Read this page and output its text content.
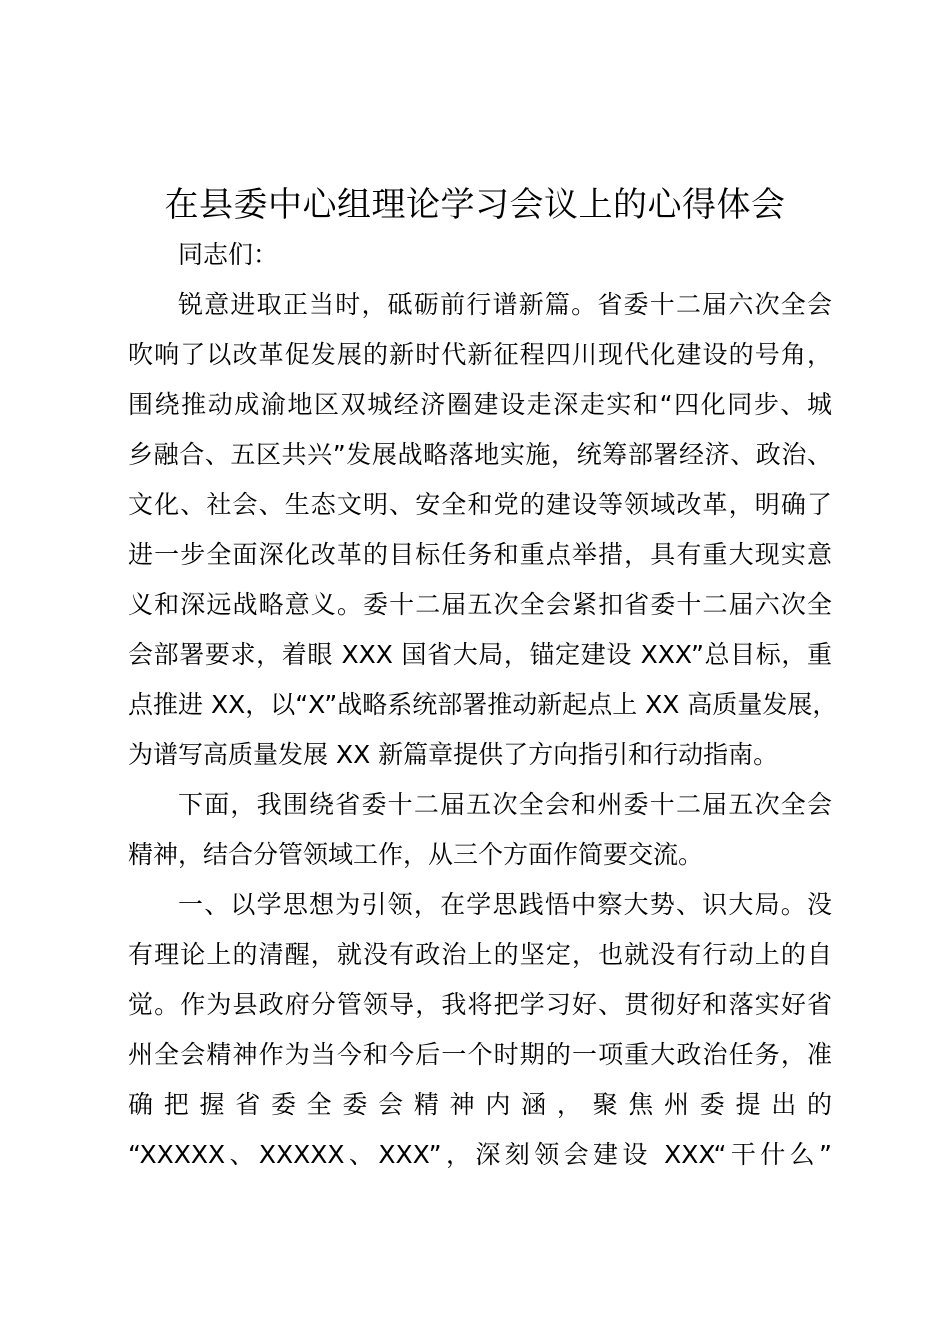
在县委中心组理论学习会议上的心得体会

同志们：

锐意进取正当时，砥砺前行谱新篇。省委十二届六次全会

吹响了以改革促发展的新时代新征程四川现代化建设的号角，

围绕推动成渝地区双城经济圈建设走深走实和“四化同步、城

乡融合、五区共兴”发展战略落地实施，统筹部署经济、政治、

文化、社会、生态文明、安全和党的建设等领域改革，明确了

进一步全面深化改革的目标任务和重点举措，具有重大现实意

义和深远战略意义。委十二届五次全会紧扣省委十二届六次全

会部署要求，着眼 XXX 国省大局，锚定建设 XXX”总目标，重

点推进 XX，以“X”战略系统部署推动新起点上 XX 高质量发展，

为谱写高质量发展 XX 新篇章提供了方向指引和行动指南。

下面，我围绕省委十二届五次全会和州委十二届五次全会

精神，结合分管领域工作，从三个方面作简要交流。

一、以学思想为引领，在学思践悟中察大势、识大局。没

有理论上的清醒，就没有政治上的坚定，也就没有行动上的自

觉。作为县政府分管领导，我将把学习好、贯彻好和落实好省

州全会精神作为当今和今后一个时期的一项重大政治任务，准

确把握省委全委会精神内涵，聚焦州委提出的

“XXXXX、XXXXX、XXX”，深刻领会建设 XXX“干什么”
